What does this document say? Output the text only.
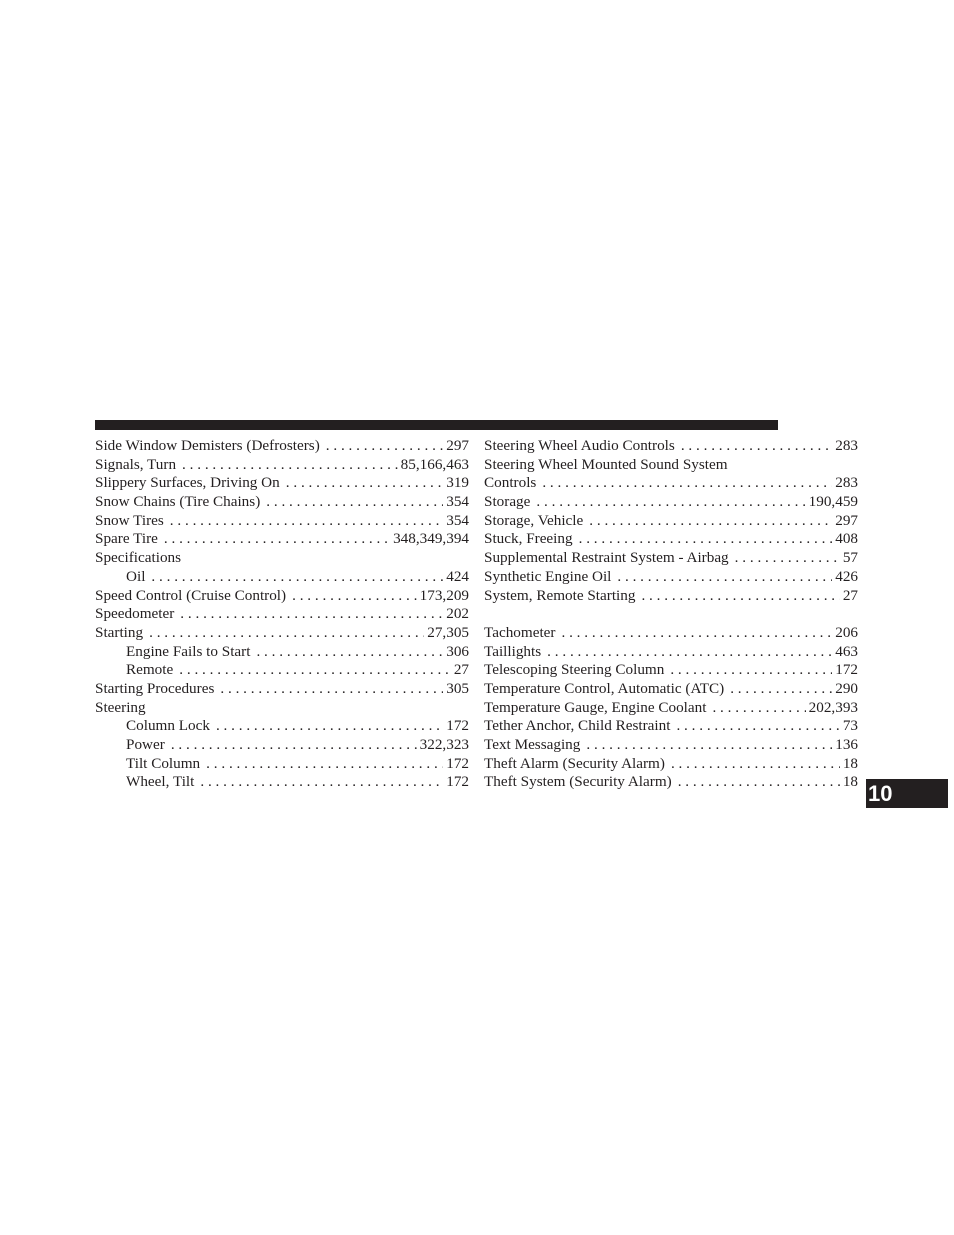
Side Window Demisters (Defrosters) . . .	297
Signals, Turn . . .	85,166,463
Slippery Surfaces, Driving On . . .	319
Snow Chains (Tire Chains) . . .	354
Snow Tires . . .	354
Spare Tire . . .	348,349,394
Specifications
Oil . . .	424
Speed Control (Cruise Control) . . .	173,209
Speedometer . . .	202
Starting . . .	27,305
Engine Fails to Start . . .	306
Remote . . .	27
Starting Procedures . . .	305
Steering
Column Lock . . .	172
Power . . .	322,323
Tilt Column . . .	172
Wheel, Tilt . . .	172
Steering Wheel Audio Controls . . .	283
Steering Wheel Mounted Sound System
Controls . . .	283
Storage . . .	190,459
Storage, Vehicle . . .	297
Stuck, Freeing . . .	408
Supplemental Restraint System - Airbag . . .	57
Synthetic Engine Oil . . .	426
System, Remote Starting . . .	27
Tachometer . . .	206
Taillights . . .	463
Telescoping Steering Column . . .	172
Temperature Control, Automatic (ATC) . . .	290
Temperature Gauge, Engine Coolant . . .	202,393
Tether Anchor, Child Restraint . . .	73
Text Messaging . . .	136
Theft Alarm (Security Alarm) . . .	18
Theft System (Security Alarm) . . .	18 10
